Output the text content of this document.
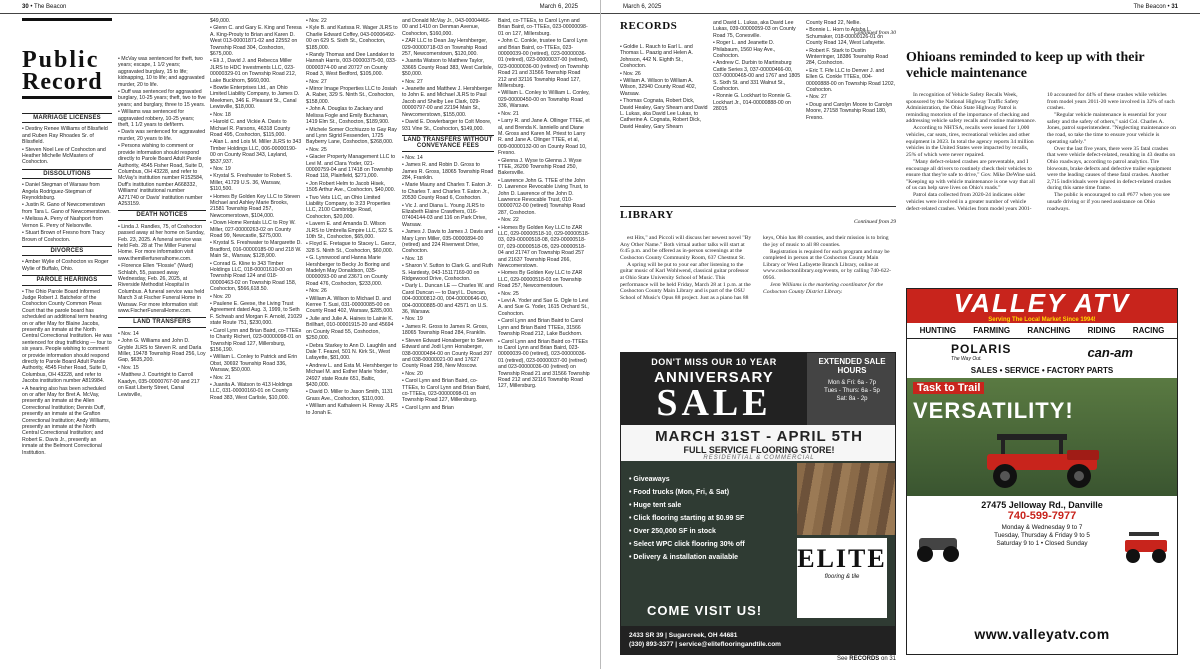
30 • The Beacon	March 6, 2025
Public
Record
MARRIAGE LICENSES

• Destiny Renee Williams of Blissfield and Ruben Ray Rhoades Sr. of Blissfield.

• Steven Noel Lee of Coshocton and Heather Michelle McMasters of Coshocton.

DISSOLUTIONS

• Daniel Stegman of Warsaw from Angela Rodriguez-Stegman of Reynoldsburg.

• Justin R. Gano of Newcomerstown from Tara L. Gano of Newcomerstown.

• Melissa A. Perry of Nashport from Vernon E. Perry of Nelsonville.

• Stuart Brown of Fresno from Tracy Brown of Coshocton.

DIVORCES

• Amber Wylie of Coshocton vs Roger Wylie of Buffalo, Ohio.

PAROLE HEARINGS

• The Ohio Parole Board informed Judge Robert J. Batchelor of the Coshocton County Common Pleas Court that the parole board has scheduled an additional term hearing on or after May for Blaine Jacobs, presently an inmate at the North Central Correctional Institution. He was sentenced for drug trafficking — four to six years. People wishing to comment or provide information should respond directly to Parole Board Adult Parole Authority, 4545 Fisher Road, Suite D, Columbus, OH 43228, and refer to Jacobs institution number A819984.

• A hearing also has been scheduled on or after May for Bret A. McVay, presently an inmate at the Allen Correctional Institution; Dennis Duff, presently an inmate at the Grafton Correctional Institution; Andy Williams, presently an inmate at the North Central Correctional Institution; and Robert E. Davis Jr., presently an inmate at the Belmont Correctional Institution.

• McVay was sentenced for theft, two years; escape, 1 1/2 years; aggravated burglary, 15 to life; kidnapping, 10 to life; and aggravated murder, 20 to life.

• Duff was sentenced for aggravated burglary, 10-25 years; theft, two to five years; and burglary, three to 15 years.

• Williams was sentenced for aggravated robbery, 10-25 years; theft, 1 1/2 years to def/term.

• Davis was sentenced for aggravated murder, 20 years to life.

• Persons wishing to comment or provide information should respond directly to Parole Board Adult Parole Authority, 4545 Fisher Road, Suite D, Columbus, OH 43228, and refer to McVay's institution number R152584, Duff's institution number A668332, Williams' institutional number A271740 or Davis' institution number A253159.

DEATH NOTICES

• Linda J. Randles, 75, of Coshocton passed away at her home on Sunday, Feb. 23, 2025. A funeral service was held Feb. 28 at The Miller Funeral Home. For more information visit www.themillerfuneralhome.com.

• Florence Ellen "Flossie" (Ward) Schlabh, 55, passed away Wednesday, Feb. 26, 2025, at Riverside Methodist Hospital in Columbus. A funeral service was held March 3 at Fischer Funeral Home in Warsaw. For more information visit www.FischerFuneralHome.com.

LAND TRANSFERS

• Nov. 14

• John G. Williams and John D. Gryble JLRS to Steven R. and Darla Miller, 19478 Township Road 256, Loy Gap, $635,200.

• Nov. 15

• Matthew J. Courtright to Carroll Kaadyn, 035-00000767-00 and 217 on East Liberty Street, Canal Lewisville,

$49,000.

• Glenn C. and Gary E. King and Teresa A. King-Prouty to Brian and Karen D. West 013-00001871-02 and 22552 on Township Road 304, Coshocton, $675,000.

• Eli J., David J. and Rebecca Miller JLRS to HDC Investments LLC, 023-00000329-01 on Township Road 212, Lake Buckhorn, $660,000.

• Bowtie Enterprises Ltd., an Ohio Limited Liability Company, to James D. Meekmen, 346 E. Pleasant St., Canal Lewisville, $18,000.

• Nov. 18

• Harold C. and Vickie A. Davis to Michael R. Parsons, 46318 County Road 495, Coshocton, $115,000.

• Alan L. and Lois M. Miller JLRS to 343 Timber Holdings LLC, 006-00000190-00 on County Road 343, Layland, $537,937.

• Nov. 19

• Krystal S. Freshwater to Robert S. Miller, 41729 U.S. 36, Warsaw, $110,500.

• Homes By Golden Key LLC to Steven Michael and Ashley Marie Brooks, 21581 Township Road 257, Newcomerstown, $104,000.

• Down Home Rentals LLC to Roy W. Miller, 027-00000263-02 on County Road 99, Newcastle, $275,000.

• Krystal S. Freshwater to Margarette D. Bradford, 016-00000185-00 and 218 W. Main St., Warsaw, $128,900.

• Conrad G. Kline to 343 Timber Holdings LLC, 018-00001610-00 on Township Road 124 and 018-00000463-02 on Township Road 158, Coshocton, $566,618.50.

• Nov. 20

• Paulene E. Geese, the Living Trust Agreement dated Aug. 3, 1999, to Seth F. Schwab and Morgan F. Arnold, 21029 state Route 751, $230,000.

• Carol Lynn and Brian Baird, co-TTEEs to Charity Richert, 023-00000098-01 on Township Road 127, Millersburg, $156,190.

• William L. Conley to Patrick and Erin Obst, 30692 Township Road 336, Warsaw, $50,000.

• Nov. 21

• Juanita A. Watson to 413 Holdings LLC, 031-00000160-01 on County Road 383, West Carlisle, $10,000.

• Nov. 22

• Kyle B. and Karissa R. Wager JLRS to Charlie Edward Coffey, 043-00006492-00 on 629 S. Sixth St., Coshocton, $185,000.

• Randy Thomas and Dee Landaker to Hannah Harris, 003-00000375-00, 033-00000374-00 and 20727 on County Road 3, West Bedford, $105,000.

• Nov. 27

• Mirror Image Properties LLC to Josiah A. Raber, 329 S. Ninth St., Coshocton, $158,000.

• John A. Douglas to Zackary and Melissa Fogle and Emily Buchanan, 1419 Elm St., Coshocton, $189,900.

• Michele Somer Occhiuzzo to Gay Ray and Lynn Sigrid Fessenden, 1725 Bayberry Lane, Coshocton, $268,000.

• Nov. 25

• Glacier Property Management LLC to Levi M. and Clara Yoder, 021-00000759-04 and 17418 on Township Road 118, Plainfield, $271,000.

• Jon Robert Helm to Jacob Hisek, 1505 Arthur Ave., Coshocton, $40,000.

• Two Vets LLC, an Ohio Limited Liability Company, to 3:23 Properties LLC, 2100 Cambridge Road, Coshocton, $20,000.

• Lavern E. and Amanda D. Wilson JLRS to Umbrella Empire LLC, 522 S. 10th St., Coshocton, $65,000.

• Floyd E. Fretague to Stacey L. Garcz, 328 S. Ninth St., Coshocton, $60,000.

• G. Lynnwood and Hanna Marie Hershberger to Becky Jo Boring and Madelyn May Donaldson, 035-00000093-00 and 23671 on County Road 476, Coshocton, $233,000.

• Nov. 26

• William A. Wilson to Michael D. and Kerree T. Susi, 031-00000085-00 on County Road 402, Warsaw, $285,000.

• Julie and Julie A. Haines to Lainie K. Brillhart, 010-00001915-20 and 45694 on County Road 55, Coshocton, $250,000.

• Debra Starkey to Ann D. Laughlin and Dale T. Feazel, 501 N. Kirk St., West Lafayette, $81,000.

• Andrew L. and Esta M. Hershberger to Michael M. and Esther Marie Yoder, 24927 state Route 651, Baltic, $430,000.

• David D. Miller to Jason Smith, 1131 Grass Ave., Coshocton, $110,000.

• William and Kathaleen H. Revay JLRS to Jonah E.

and Donald McVay Jr., 043-00004466-00 and 1410 on Denman Avenue, Coshocton, $160,000.

• ZAR LLC to Dean Jay Hershberger, 029-00000718-03 on Township Road 257, Newcomerstown, $120,000.

• Juanita Watson to Matthew Taylor, 33665 County Road 383, West Carlisle, $50,000.

• Nov. 27

• Jeanette and Matthew J. Hershberger to John E. and Michael JLRS to Paul Jacob and Shelby Lee Clark, 029-00000797-00 and 22194 Main St., Newcomerstown, $155,000.

• David E. Dowlerbarger to Colt Moore, 931 Vine St., Coshocton, $149,000.

LAND TRANSFERS WITHOUT CONVEYANCE FEES

• Nov. 14

• James R. and Robin D. Gross to James R. Gross, 18065 Township Road 284, Franklin.

• Marie Mauny and Charles T. Eaton Jr. to Charles T. and Charles T. Eaton Jr., 20530 County Road 6, Coshocton.

• Vic J. and Diana L. Young JLRS to Elizabeth Elaine Crawthers, 016-07404144-03 and 116 on Park Drive, Warsaw.

• James J. Davis to James J. Davis and Mary Lynn Miller, 035-00000894-00 (retired) and 224 Riverwest Drive, Coshocton.

• Nov. 18

• Sharon V. Sutton to Clark G. and Ruth S. Hardesty, 043-15117169-00 on Ridgewood Drive, Coshocton.

• Darly L. Duncan LE — Charles W. and Carol Duncan — to Daryl L. Duncan, 004-00000812-00, 004-00000646-00, 004-00000885-00 and 42571 on U.S. 36, Warsaw.

• Nov. 19

• James R. Gross to James R. Gross, 18065 Township Road 284, Franklin.

• Steven Edward Honaberger to Steven Edward and Jodi Lynn Honaberger, 038-00000484-00 on County Road 297 and 038-00000021-00 and 17627 County Road 298, New Moscow.

• Nov. 20

• Carol Lynn and Brian Baird, co-TTEEs, to Carol Lynn and Brian Baird, co-TTEEs, 023-00000098-01 on Township Road 127, Millersburg.

• Carol Lynn and Brian

Baird, co-TTEEs, to Carol Lynn and Brian Baird, co-TTEEs, 023-00000098-01 on 127, Millersburg.

• John C. Conkle, trustee to Carol Lynn and Brian Baird, co-TTEEs, 023-00000039-00 (retired), 023-00000036-01 (retired), 023-00000037-00 (retired), 023-00000036-00 (retired) on Township Road 21 and 31566 Township Road 212 and 32116 Township Road 127, Millersburg.

• William L. Conley to William L. Conley, 029-00000450-00 on Township Road 336, Warsaw.

• Nov. 21

• Larry R. and Jane A. Ollinger TTEE, et al, and Brenda K. lanniello and Diane M. Gross and Karen M. Priest to Larry R. and Jane A. Olinger TTEE, et al, 009-00000132-00 on County Road 10, Fresno.

• Glenna J. Wyse to Glenna J. Wyse TTEE, 26200 Township Road 250, Bakersville.

• Lawrence John G. TTEE of the John D. Lawrence Revocable Living Trust, to John D. Lawrence of the John D. Lawrence Revocable Trust, 010-00000702-00 (retired) Township Road 287, Coshocton.

• Nov. 22

• Homes By Golden Key LLC to ZAR LLC, 029-00000518-10, 029-00000518-03, 029-00000518-08, 029-00000518-07, 029-00000518-05, 029-00000518-04 and 21747 on Township Road 257 and 21637 Township Road 266, Newcomerstown.

• Homes By Golden Key LLC to ZAR LLC, 029-00000518-03 on Township Road 257, Newcomerstown.

• Nov. 25

• Levi A. Yoder and Sue G. Ogle to Levi A. and Sue G. Yoder, 1615 Orchard St., Coshocton.

• Carol Lynn and Brian Baird to Carol Lynn and Brian Baird TTEEs, 31566 Township Road 212, Lake Buckhorn.

• Carol Lynn and Brian Baird co-TTEEs to Carol Lynn and Brian Baird, 023-00000039-00 (retired), 023-00000036-01 (retired), 023-00000037-00 (retired) and 023-00000036-00 (retired) on Township Road 21 and 31566 Township Road 212 and 32116 Township Road 127, Millersburg.

March 6, 2025	The Beacon • 31
RECORDS
Continued from 30

• Goldie L. Rauch to Earl L. and Thomas L. Paazig and Helen A. Johnson, 442 N. Eighth St., Coshocton.

• Nov. 26

• William A. Wilson to William A. Wilson, 32940 County Road 402, Warsaw.

• Thomas Cognata, Robert Dick, David Healey, Gary Shearn and David L. Lukas, aka David Lee Lukas, to Catherine A. Cognata, Robert Dick, David Healey, Gary Shearn

and David L. Lukas, aka David Lee Lukas, 039-00000059-03 on County Road 75, Conesville.

• Roger L. and Jeanette D. Philabaum, 1560 Hay Ave., Coshocton.

• Andrew C. Durbin to Martinsburg Cattle Series 3, 037-00000466-00, 037-00000465-00 and 1767 and 1805 S. Sixth St. and 331 Walnut St., Coshocton.

• Ronnie G. Lockhart to Ronnie G. Lockhart Jr., 014-00000888-00 on 28015

County Road 22, Nellie.

• Bonnie L. Horn to Arisba L. Schumaker, 018-00000126-01 on County Road 124, West Lafayette.

• Robert F. Stark to Dustin Winterringer, 18386 Township Road 284, Coshocton.

• Eric T. Fife LLC to Denver J. and Ellen G. Conkle TTEEs, 004-00000888-00 on Township Road 1202, Coshocton.

• Nov. 27

• Doug and Carolyn Moore to Carolyn Moore, 27158 Township Road 180, Fresno.

LIBRARY
Continued from 29

est Hits," and Piccoli will discuss her newest novel "By Any Other Name." Both virtual author talks will start at 6:45 p.m. and be offered as in-person screenings at the Coshocton County Community Room, 637 Chestnut St.

A spring will be put to your ear after listening to the guitar music of Karl Wohlwend, classical guitar professor at Ohio State University School of Music. This performance will be held Friday, March 28 at 1 p.m. at the Coshocton County Main Library and is part of the OSU School of Music's Opus 88 project. Just as a piano has 88 keys, Ohio has 88 counties, and their mission is to bring the joy of music to all 88 counties.

Registration is required for each program and may be completed in person at the Coshocton County Main Library or West Lafayette Branch Library, online at www.coshoctonlibrary.org/events, or by calling 740-622-0956.

Jenn Williams is the marketing coordinator for the Coshocton County District Library.

Ohioans reminded to keep up with their vehicle maintenance

In recognition of Vehicle Safety Recalls Week, sponsored by the National Highway Traffic Safety Administration, the Ohio State Highway Patrol is reminding motorists of the importance of checking and addressing vehicle safety recalls and routine maintenance.

According to NHTSA, recalls were issued for 1,000 vehicles, car seats, tires, recreational vehicles and other equipment in 2023. In total the agency reports 34 million vehicles in the United States were impacted by recalls, 25% of which were never repaired.

"Many defect-related crashes are preventable, and I encourage all drivers to routinely check their vehicles to ensure that they're safe to drive," Gov. Mike DeWine said. "Keeping up with vehicle maintenance is one way that all of us can help save lives on Ohio's roads."

Patrol data collected from 2020-24 indicates older vehicles were involved in a greater number of vehicle defect-related crashes. Vehicles from model years 2001-10 accounted for 44% of these crashes while vehicles from model years 2011-20 were involved in 32% of such crashes.

"Regular vehicle maintenance is essential for your safety and the safety of others," said Col. Charles A. Jones, patrol superintendent. "Neglecting maintenance on the road, so take the time to ensure your vehicle is operating safely."

Over the last five years, there were 35 fatal crashes that were vehicle defect-related, resulting in 43 deaths on Ohio roadways, according to patrol analytics. Tire blowouts, brake defects and defective trailer equipment were the leading causes of these fatal crashes. Another 2,715 individuals were injured in defect-related crashes during this same time frame.

The public is encouraged to call #677 when you see unsafe driving or if you need assistance on Ohio roadways.

DON'T MISS OUR 10 YEAR
ANNIVERSARY
SALE
EXTENDED SALE HOURS
Mon & Fri: 6a - 7p
Tues - Thurs: 6a - 5p
Sat: 8a - 2p
MARCH 31ST - APRIL 5TH
FULL SERVICE FLOORING STORE!
RESIDENTIAL & COMMERCIAL
• Giveaways
• Food trucks (Mon, Fri, & Sat)
• Huge tent sale
• Click flooring starting at $0.99 SF
• Over 250,000 SF in stock
• Select WPC click flooring 30% off
• Delivery & installation available
COME VISIT US!
ELITE
flooring & tile
2433 SR 39 | Sugarcreek, OH 44681
(330) 893-3377 | service@eliteflooringandtile.com
VALLEY ATV
Serving The Local Market Since 1994!
HUNTING FARMING RANCHING RIDING RACING
POLARIS
The Way Out.	can-am
SALES • SERVICE • FACTORY PARTS
Task to Trail
VERSATILITY!
27475 Jelloway Rd., Danville
740-599-7977
Monday & Wednesday 9 to 7
Tuesday, Thursday & Friday 9 to 5
Saturday 9 to 1 • Closed Sunday
www.valleyatv.com
See RECORDS on 31
